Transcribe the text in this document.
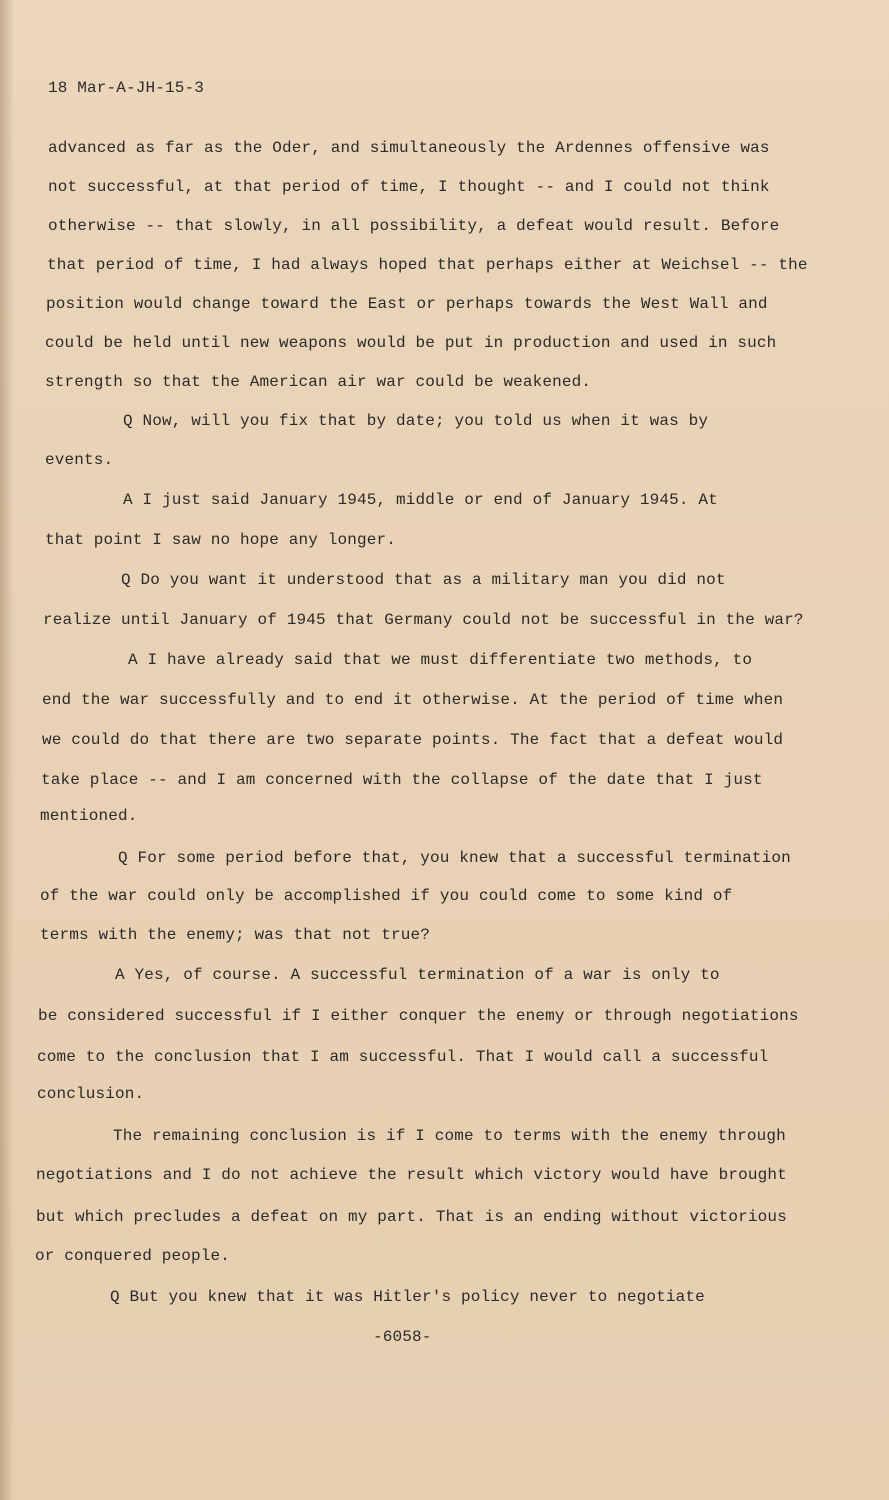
18 Mar-A-JH-15-3
advanced as far as the Oder, and simultaneously the Ardennes offensive was
not successful, at that period of time, I thought -- and I could not think
otherwise -- that slowly, in all possibility, a defeat would result. Before
that period of time, I had always hoped that perhaps either at Weichsel -- the
position would change toward the East or perhaps towards the West Wall and
could be held until new weapons would be put in production and used in such
strength so that the American air war could be weakened.
Q Now, will you fix that by date; you told us when it was by
events.
A I just said January 1945, middle or end of January 1945. At
that point I saw no hope any longer.
Q Do you want it understood that as a military man you did not
realize until January of 1945 that Germany could not be successful in the war?
A I have already said that we must differentiate two methods, to
end the war successfully and to end it otherwise. At the period of time when
we could do that there are two separate points. The fact that a defeat would
take place -- and I am concerned with the collapse of the date that I just
mentioned.
Q For some period before that, you knew that a successful termination
of the war could only be accomplished if you could come to some kind of
terms with the enemy; was that not true?
A Yes, of course. A successful termination of a war is only to
be considered successful if I either conquer the enemy or through negotiations
come to the conclusion that I am successful. That I would call a successful
conclusion.
The remaining conclusion is if I come to terms with the enemy through
negotiations and I do not achieve the result which victory would have brought
but which precludes a defeat on my part. That is an ending without victorious
or conquered people.
Q But you knew that it was Hitler's policy never to negotiate
-6058-
